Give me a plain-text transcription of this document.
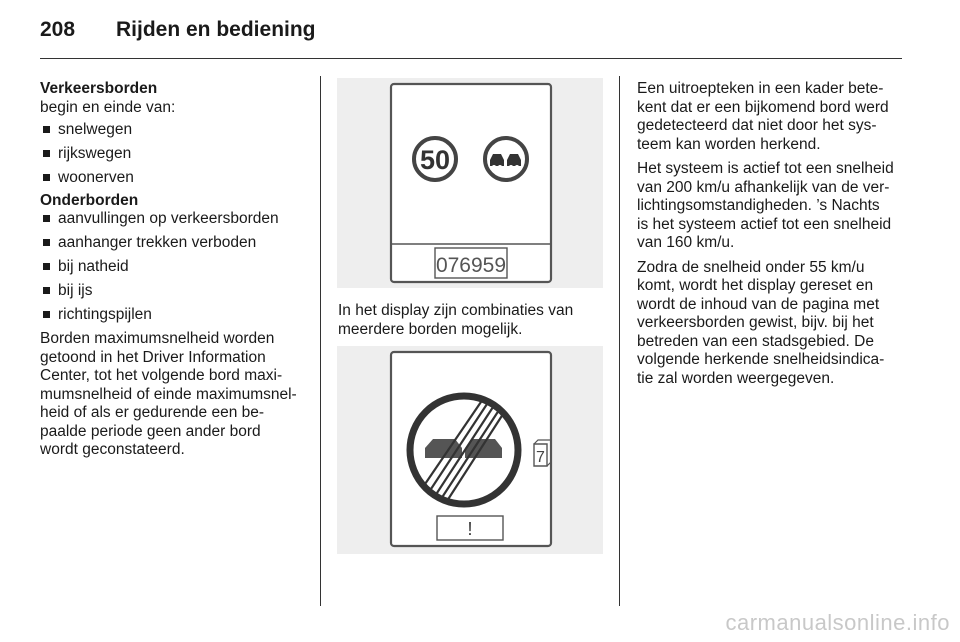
208	Rijden en bediening

Verkeersborden

begin en einde van:

snelwegen
rijkswegen
woonerven

Onderborden

aanvullingen op verkeersborden
aanhanger trekken verboden
bij natheid
bij ijs
richtingspijlen

Borden maximumsnelheid worden
getoond in het Driver Information
Center, tot het volgende bord maxi-
mumsnelheid of einde maximumsnel-
heid of als er gedurende een be-
paalde periode geen ander bord
wordt geconstateerd.

50
076959

In het display zijn combinaties van
meerdere borden mogelijk.

7
!

Een uitroepteken in een kader bete-
kent dat er een bijkomend bord werd
gedetecteerd dat niet door het sys-
teem kan worden herkend.

Het systeem is actief tot een snelheid
van 200 km/u afhankelijk van de ver-
lichtingsomstandigheden. ’s Nachts
is het systeem actief tot een snelheid
van 160 km/u.

Zodra de snelheid onder 55 km/u
komt, wordt het display gereset en
wordt de inhoud van de pagina met
verkeersborden gewist, bijv. bij het
betreden van een stadsgebied. De
volgende herkende snelheidsindica-
tie zal worden weergegeven.

carmanualsonline.info
